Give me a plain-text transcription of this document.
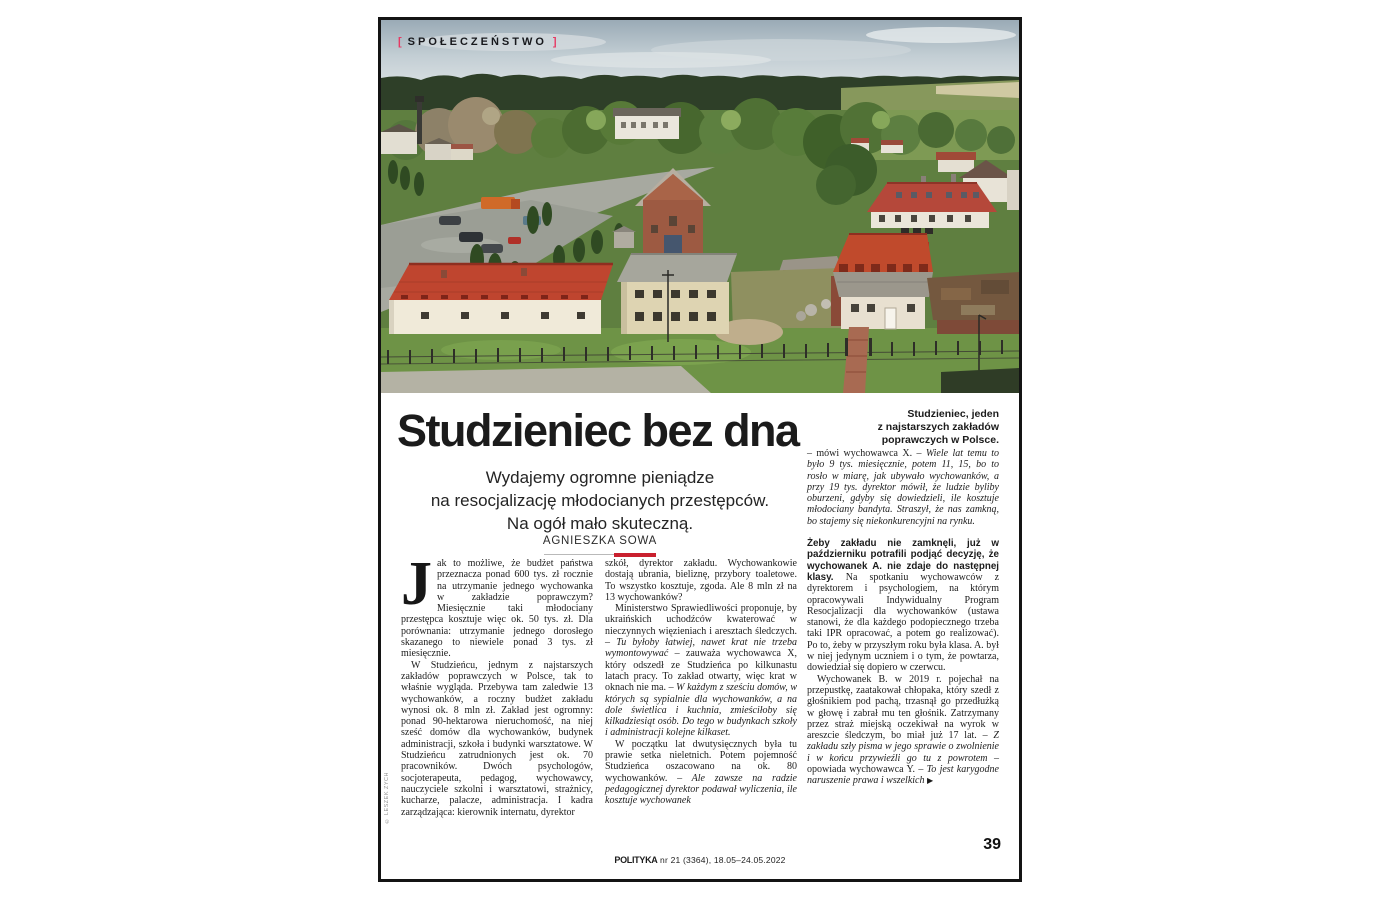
[ SPOŁECZEŃSTWO ]
Studzieniec bez dna	Studzieniec, jeden
z najstarszych zakładów
poprawczych w Polsce.
Wydajemy ogromne pieniądze
na resocjalizację młodocianych przestępców.
Na ogół mało skuteczną.
AGNIESZKA SOWA

Jak to możliwe, że budżet państwa przeznacza ponad 600 tys. zł rocznie na utrzymanie jednego wychowanka w zakładzie poprawczym? Miesięcznie taki młodociany przestępca kosztuje więc ok. 50 tys. zł. Dla porównania: utrzymanie jednego dorosłego skazanego to niewiele ponad 3 tys. zł miesięcznie.

W Studzieńcu, jednym z najstarszych zakładów poprawczych w Polsce, tak to właśnie wygląda. Przebywa tam zaledwie 13 wychowanków, a roczny budżet zakładu wynosi ok. 8 mln zł. Zakład jest ogromny: ponad 90-hektarowa nieruchomość, na niej sześć domów dla wychowanków, budynek administracji, szkoła i budynki warsztatowe. W Studzieńcu zatrudnionych jest ok. 70 pracowników. Dwóch psychologów, socjoterapeuta, pedagog, wychowawcy, nauczyciele szkolni i warsztatowi, strażnicy, kucharze, palacze, administracja. I kadra zarządzająca: kierownik internatu, dyrektor

szkół, dyrektor zakładu. Wychowankowie dostają ubrania, bieliznę, przybory toaletowe. To wszystko kosztuje, zgoda. Ale 8 mln zł na 13 wychowanków?

Ministerstwo Sprawiedliwości proponuje, by ukraińskich uchodźców kwaterować w nieczynnych więzieniach i aresztach śledczych. – Tu byłoby łatwiej, nawet krat nie trzeba wymontowywać – zauważa wychowawca X, który odszedł ze Studzieńca po kilkunastu latach pracy. To zakład otwarty, więc krat w oknach nie ma. – W każdym z sześciu domów, w których są sypialnie dla wychowanków, a na dole świetlica i kuchnia, zmieściłoby się kilkadziesiąt osób. Do tego w budynkach szkoły i administracji kolejne kilkaset.

W początku lat dwutysięcznych była tu prawie setka nieletnich. Potem pojemność Studzieńca oszacowano na ok. 80 wychowanków. – Ale zawsze na radzie pedagogicznej dyrektor podawał wyliczenia, ile kosztuje wychowanek

– mówi wychowawca X. – Wiele lat temu to było 9 tys. miesięcznie, potem 11, 15, bo to rosło w miarę, jak ubywało wychowanków, a przy 19 tys. dyrektor mówił, że ludzie byliby oburzeni, gdyby się dowiedzieli, ile kosztuje młodociany bandyta. Straszył, że nas zamkną, bo stajemy się niekonkurencyjni na rynku.

Żeby zakładu nie zamknęli, już w październiku potrafili podjąć decyzję, że wychowanek A. nie zdaje do następnej klasy. Na spotkaniu wychowawców z dyrektorem i psychologiem, na którym opracowywali Indywidualny Program Resocjalizacji dla wychowanków (ustawa stanowi, że dla każdego podopiecznego trzeba taki IPR opracować, a potem go realizować). Po to, żeby w przyszłym roku była klasa. A. był w niej jedynym uczniem i o tym, że powtarza, dowiedział się dopiero w czerwcu.

Wychowanek B. w 2019 r. pojechał na przepustkę, zaatakował chłopaka, który szedł z głośnikiem pod pachą, trzasnął go przedłużką w głowę i zabrał mu ten głośnik. Zatrzymany przez straż miejską oczekiwał na wyrok w areszcie śledczym, bo miał już 17 lat. – Z zakładu szły pisma w jego sprawie o zwolnienie i w końcu przywieźli go tu z powrotem – opowiada wychowawca Y. – To jest karygodne naruszenie prawa i wszelkich ▶

POLITYKA nr 21 (3364), 18.05–24.05.2022
39
© LESZEK ZYCH
